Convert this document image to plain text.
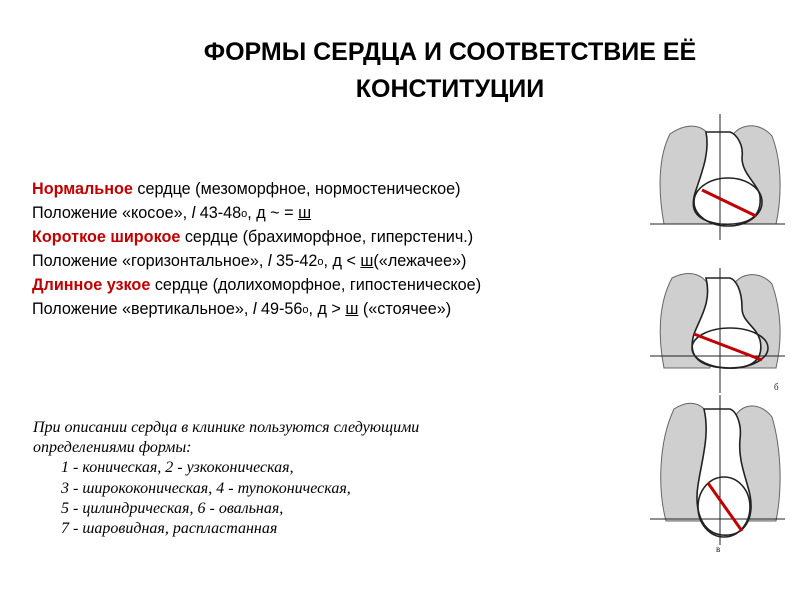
ФОРМЫ СЕРДЦА И СООТВЕТСТВИЕ ЕЁ
КОНСТИТУЦИИ
Нормальное сердце (мезоморфное, нормостеническое)
Положение «косое», l 43-48о, д ~ = ш
Короткое широкое сердце (брахиморфное, гиперстенич.)
Положение «горизонтальное», l 35-42о, д < ш(«лежачее»)
Длинное узкое сердце (долихоморфное, гипостеническое)
Положение «вертикальное», l 49-56о, д > ш («стоячее»)
При описании сердца в клинике пользуются следующими
определениями формы:
1 - коническая, 2 - узкоконическая,
3 - ширококоническая, 4 - тупоконическая,
5 - цилиндрическая, 6 - овальная,
7 - шаровидная, распластанная
б
в
